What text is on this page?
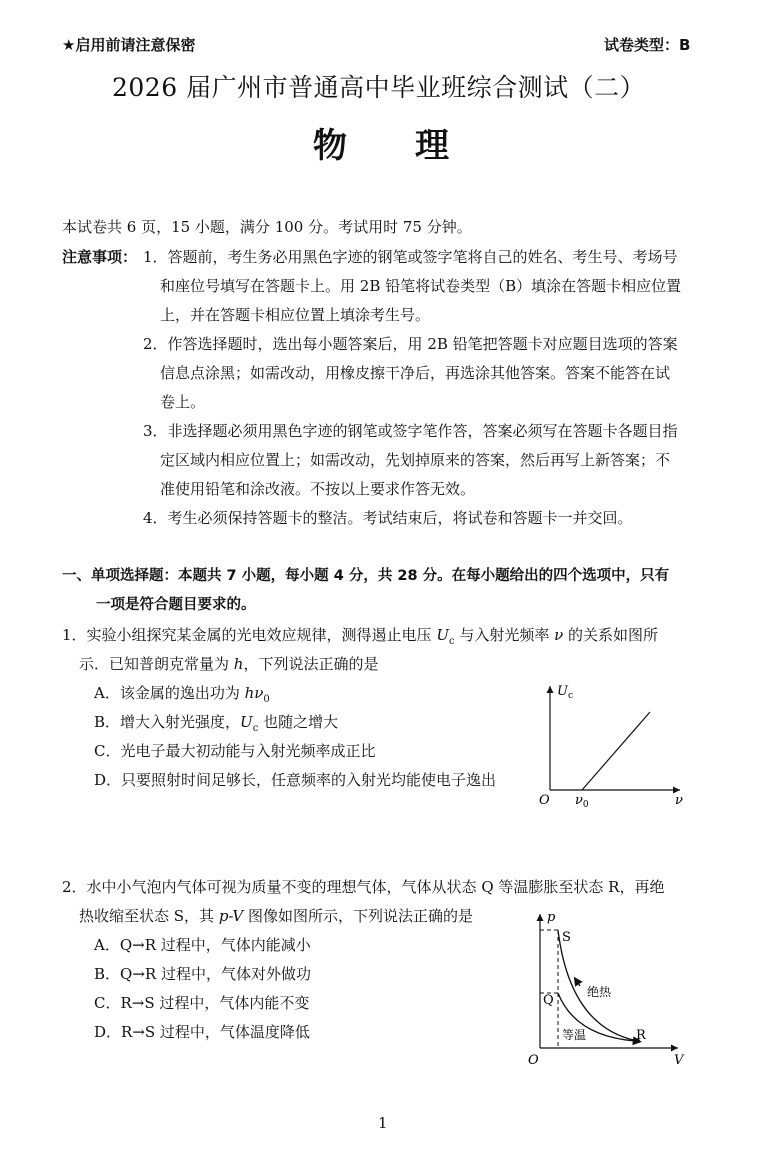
★启用前请注意保密	试卷类型：B
2026 届广州市普通高中毕业班综合测试（二）
物　　理
本试卷共 6 页，15 小题，满分 100 分。考试用时 75 分钟。
注意事项： 1．答题前，考生务必用黑色字迹的钢笔或签字笔将自己的姓名、考生号、考场号
和座位号填写在答题卡上。用 2B 铅笔将试卷类型（B）填涂在答题卡相应位置
上，并在答题卡相应位置上填涂考生号。
2．作答选择题时，选出每小题答案后，用 2B 铅笔把答题卡对应题目选项的答案
信息点涂黑；如需改动，用橡皮擦干净后，再选涂其他答案。答案不能答在试
卷上。
3．非选择题必须用黑色字迹的钢笔或签字笔作答，答案必须写在答题卡各题目指
定区域内相应位置上；如需改动，先划掉原来的答案，然后再写上新答案；不
准使用铅笔和涂改液。不按以上要求作答无效。
4．考生必须保持答题卡的整洁。考试结束后，将试卷和答题卡一并交回。
一、单项选择题：本题共 7 小题，每小题 4 分，共 28 分。在每小题给出的四个选项中，只有
一项是符合题目要求的。
1．实验小组探究某金属的光电效应规律，测得遏止电压 $U_c$ 与入射光频率 ν 的关系如图所
示．已知普朗克常量为 h，下列说法正确的是
A．该金属的逸出功为 $h\nu_0$
B．增大入射光强度，$U_c$ 也随之增大
C．光电子最大初动能与入射光频率成正比
D．只要照射时间足够长，任意频率的入射光均能使电子逸出
$U_c$
O $\nu_0$	ν
2．水中小气泡内气体可视为质量不变的理想气体，气体从状态 Q 等温膨胀至状态 R，再绝
热收缩至状态 S，其 p-V 图像如图所示，下列说法正确的是
A．Q→R 过程中，气体内能减小
B．Q→R 过程中，气体对外做功
C．R→S 过程中，气体内能不变
D．R→S 过程中，气体温度降低
p
V
O
S
Q
R
绝热
等温
1
